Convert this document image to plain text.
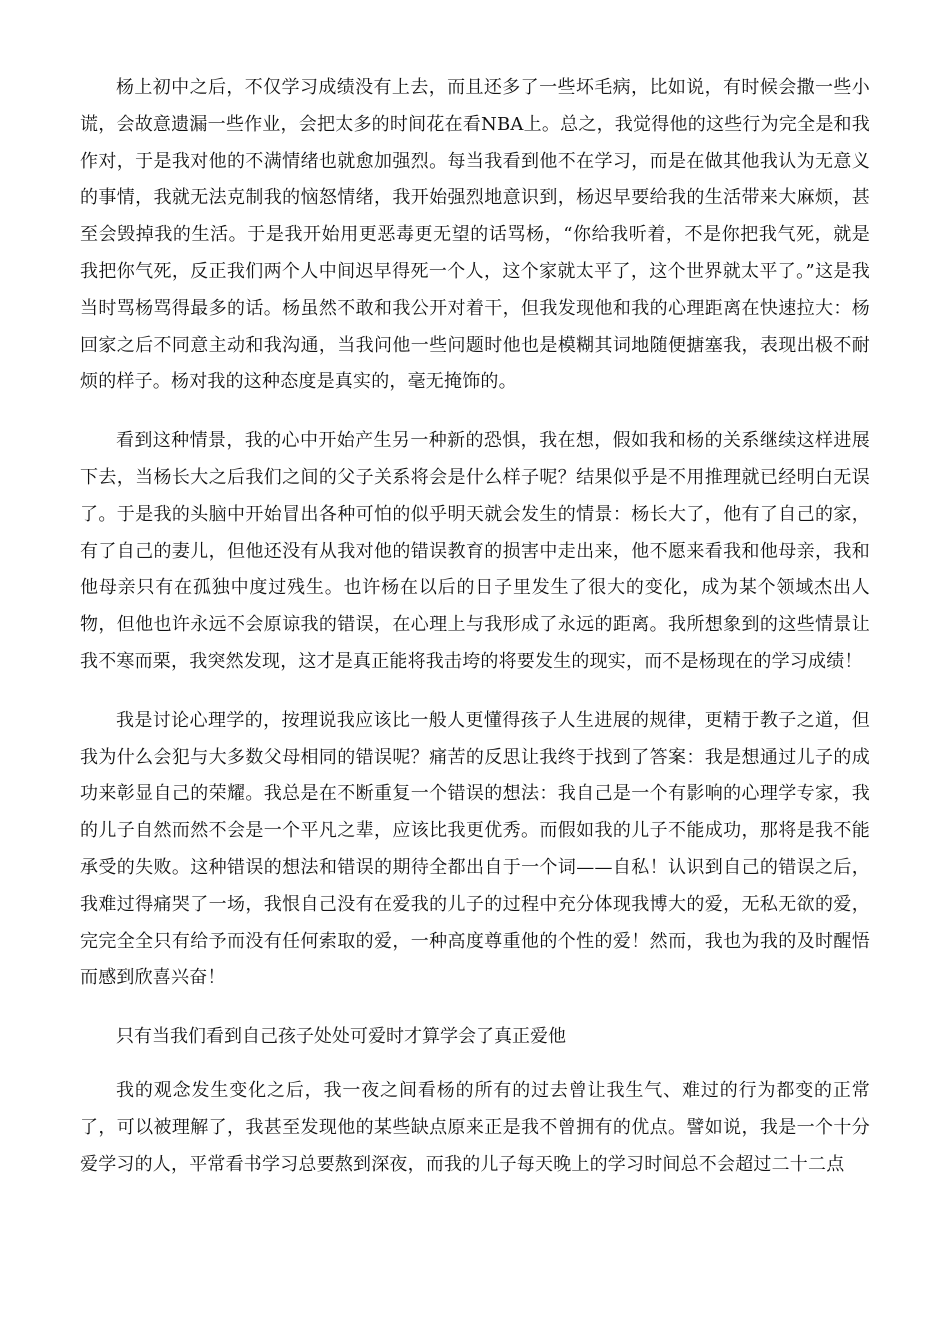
杨上初中之后，不仅学习成绩没有上去，而且还多了一些坏毛病，比如说，有时候会撒一些小谎，会故意遗漏一些作业，会把太多的时间花在看NBA上。总之，我觉得他的这些行为完全是和我作对，于是我对他的不满情绪也就愈加强烈。每当我看到他不在学习，而是在做其他我认为无意义的事情，我就无法克制我的恼怒情绪，我开始强烈地意识到，杨迟早要给我的生活带来大麻烦，甚至会毁掉我的生活。于是我开始用更恶毒更无望的话骂杨，“你给我听着，不是你把我气死，就是我把你气死，反正我们两个人中间迟早得死一个人，这个家就太平了，这个世界就太平了。”这是我当时骂杨骂得最多的话。杨虽然不敢和我公开对着干，但我发现他和我的心理距离在快速拉大：杨回家之后不同意主动和我沟通，当我问他一些问题时他也是模糊其词地随便搪塞我，表现出极不耐烦的样子。杨对我的这种态度是真实的，毫无掩饰的。

看到这种情景，我的心中开始产生另一种新的恐惧，我在想，假如我和杨的关系继续这样进展下去，当杨长大之后我们之间的父子关系将会是什么样子呢？结果似乎是不用推理就已经明白无误了。于是我的头脑中开始冒出各种可怕的似乎明天就会发生的情景：杨长大了，他有了自己的家，有了自己的妻儿，但他还没有从我对他的错误教育的损害中走出来，他不愿来看我和他母亲，我和他母亲只有在孤独中度过残生。也许杨在以后的日子里发生了很大的变化，成为某个领域杰出人物，但他也许永远不会原谅我的错误，在心理上与我形成了永远的距离。我所想象到的这些情景让我不寒而栗，我突然发现，这才是真正能将我击垮的将要发生的现实，而不是杨现在的学习成绩！

我是讨论心理学的，按理说我应该比一般人更懂得孩子人生进展的规律，更精于教子之道，但我为什么会犯与大多数父母相同的错误呢？痛苦的反思让我终于找到了答案：我是想通过儿子的成功来彰显自己的荣耀。我总是在不断重复一个错误的想法：我自己是一个有影响的心理学专家，我的儿子自然而然不会是一个平凡之辈，应该比我更优秀。而假如我的儿子不能成功，那将是我不能承受的失败。这种错误的想法和错误的期待全都出自于一个词——自私！认识到自己的错误之后，我难过得痛哭了一场，我恨自己没有在爱我的儿子的过程中充分体现我博大的爱，无私无欲的爱，完完全全只有给予而没有任何索取的爱，一种高度尊重他的个性的爱！然而，我也为我的及时醒悟而感到欣喜兴奋！

只有当我们看到自己孩子处处可爱时才算学会了真正爱他

我的观念发生变化之后，我一夜之间看杨的所有的过去曾让我生气、难过的行为都变的正常了，可以被理解了，我甚至发现他的某些缺点原来正是我不曾拥有的优点。譬如说，我是一个十分爱学习的人，平常看书学习总要熬到深夜，而我的儿子每天晚上的学习时间总不会超过二十二点
